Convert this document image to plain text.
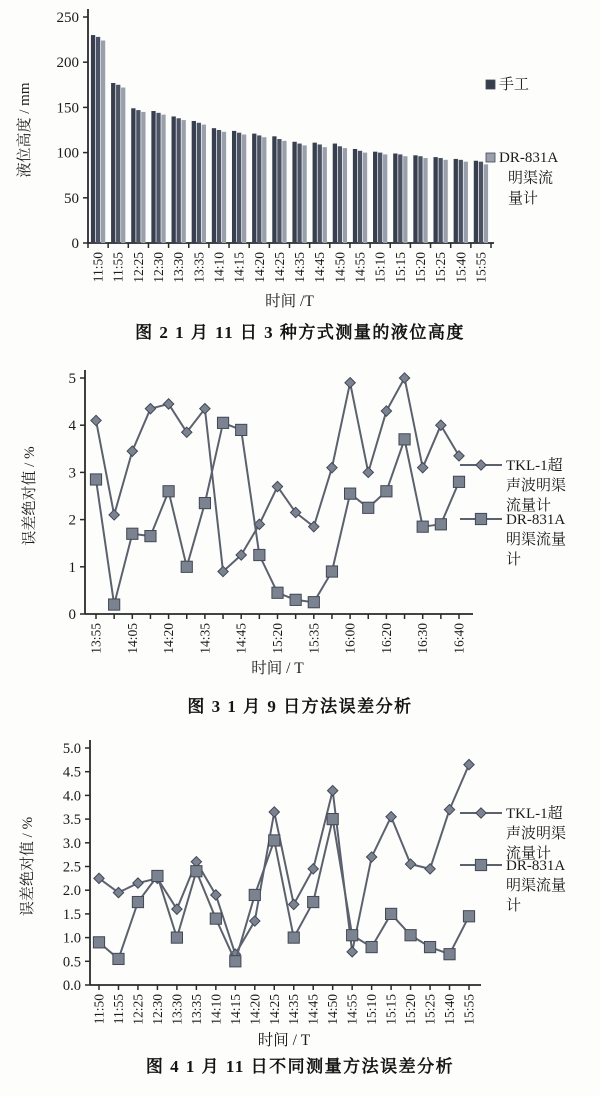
0
50
100
150
200
250
11:50 11:55 12:25 12:30 13:30 13:35 14:10 14:15 14:20 14:25 14:35 14:45 14:50 14:55 15:10 15:15 15:20 15:25 15:40 15:55
时间 /T
液位高度 / mm	手工
DR-831A
明渠流
量计
图 2 1 月 11 日 3 种方式测量的液位高度
0
1
2
3
4
5
13:55 14:05 14:20 14:35 14:45 15:20 15:35 16:00 16:20 16:30 16:40
时间 / T
误差绝对值 / %	TKL-1超
声波明渠
流量计
DR-831A
明渠流量
计
图 3 1 月 9 日方法误差分析
0.0
0.5
1.0
1.5
2.0
2.5
3.0
3.5
4.0
4.5
5.0
11:50 11:55 12:25 12:30 13:30 13:35 14:10 14:15 14:20 14:25 14:35 14:45 14:50 14:55 15:10 15:15 15:20 15:25 15:40 15:55
时间 / T
误差绝对值 / %
TKL-1超
声波明渠
流量计
DR-831A
明渠流量
计
图 4 1 月 11 日不同测量方法误差分析
